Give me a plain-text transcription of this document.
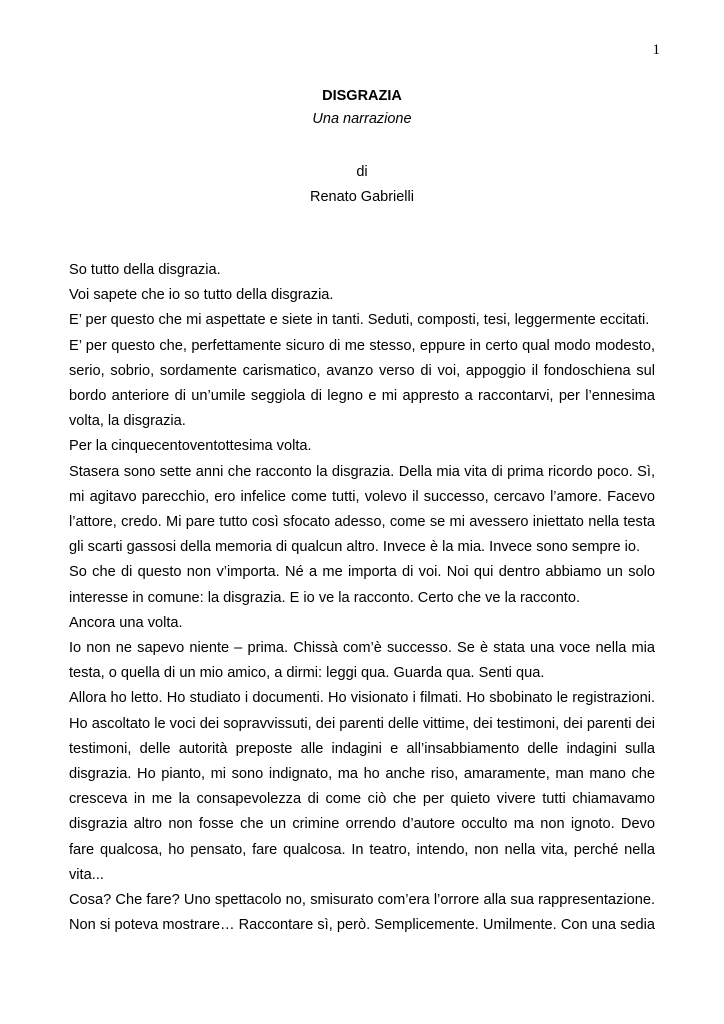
1
DISGRAZIA
Una narrazione
di
Renato Gabrielli

So tutto della disgrazia.

Voi sapete che io so tutto della disgrazia.

E’ per questo che mi aspettate e siete in tanti. Seduti, composti, tesi, leggermente eccitati.

E’ per questo che, perfettamente sicuro di me stesso, eppure in certo qual modo modesto, serio, sobrio, sordamente carismatico, avanzo verso di voi, appoggio il fondoschiena sul bordo anteriore di un’umile seggiola di legno e mi appresto a raccontarvi, per l’ennesima volta, la disgrazia.

Per la cinquecentoventottesima volta.

Stasera sono sette anni che racconto la disgrazia. Della mia vita di prima ricordo poco. Sì, mi agitavo parecchio, ero infelice come tutti, volevo il successo, cercavo l’amore. Facevo l’attore, credo. Mi pare tutto così sfocato adesso, come se mi avessero iniettato nella testa gli scarti gassosi della memoria di qualcun altro. Invece è la mia. Invece sono sempre io.

So che di questo non v’importa. Né a me importa di voi. Noi qui dentro abbiamo un solo interesse in comune: la disgrazia. E io ve la racconto. Certo che ve la racconto.

Ancora una volta.

Io non ne sapevo niente – prima. Chissà com’è successo. Se è stata una voce nella mia testa, o quella di un mio amico, a dirmi: leggi qua. Guarda qua. Senti qua.

Allora ho letto. Ho studiato i documenti. Ho visionato i filmati. Ho sbobinato le registrazioni. Ho ascoltato le voci dei sopravvissuti, dei parenti delle vittime, dei testimoni, dei parenti dei testimoni, delle autorità preposte alle indagini e all’insabbiamento delle indagini sulla disgrazia. Ho pianto, mi sono indignato, ma ho anche riso, amaramente, man mano che cresceva in me la consapevolezza di come ciò che per quieto vivere tutti chiamavamo disgrazia altro non fosse che un crimine orrendo d’autore occulto ma non ignoto. Devo fare qualcosa, ho pensato, fare qualcosa. In teatro, intendo, non nella vita, perché nella vita...

Cosa? Che fare? Uno spettacolo no, smisurato com’era l’orrore alla sua rappresentazione. Non si poteva mostrare… Raccontare sì, però. Semplicemente. Umilmente. Con una sedia
